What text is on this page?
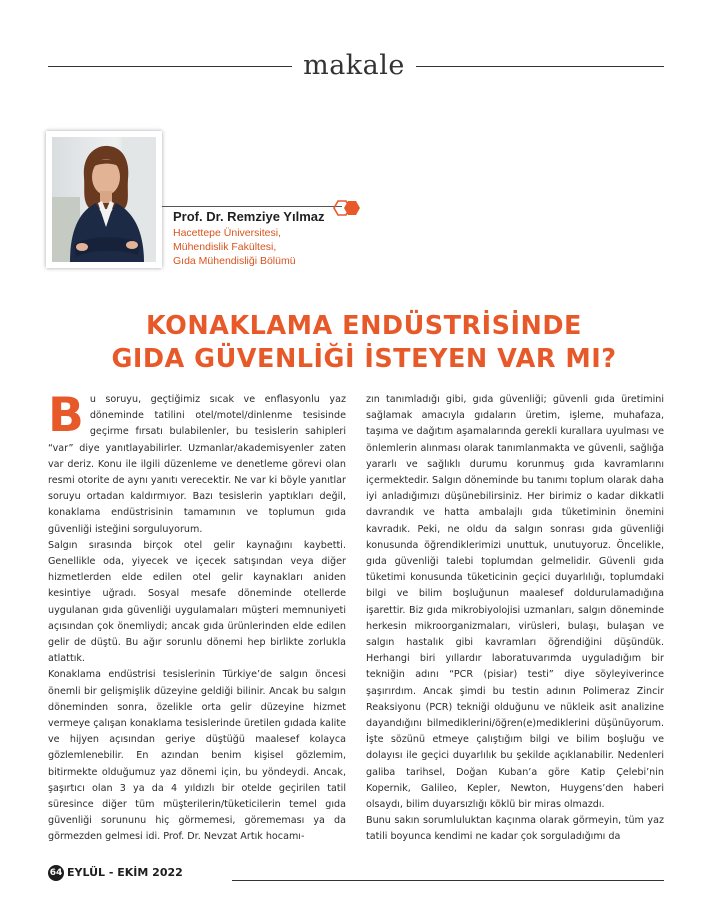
makale
Prof. Dr. Remziye Yılmaz
Hacettepe Üniversitesi,
Mühendislik Fakültesi,
Gıda Mühendisliği Bölümü
KONAKLAMA ENDÜSTRİSİNDE
GIDA GÜVENLİĞİ İSTEYEN VAR MI?

Bu soruyu, geçtiğimiz sıcak ve enflasyonlu yaz döneminde tatilini otel/motel/dinlenme tesisinde geçirme fırsatı bulabilenler, bu tesislerin sahipleri “var” diye yanıtlayabilirler. Uzmanlar/akademisyenler zaten var deriz. Konu ile ilgili düzenleme ve denetleme görevi olan resmi otorite de aynı yanıtı verecektir. Ne var ki böyle yanıtlar soruyu ortadan kaldırmıyor. Bazı tesislerin yaptıkları değil, konaklama endüstrisinin tamamının ve toplumun gıda güvenliği isteğini sorguluyorum.

Salgın sırasında birçok otel gelir kaynağını kaybetti. Genellikle oda, yiyecek ve içecek satışından veya diğer hizmetlerden elde edilen otel gelir kaynakları aniden kesintiye uğradı. Sosyal mesafe döneminde otellerde uygulanan gıda güvenliği uygulamaları müşteri memnuniyeti açısından çok önemliydi; ancak gıda ürünlerinden elde edilen gelir de düştü. Bu ağır sorunlu dönemi hep birlikte zorlukla atlattık.

Konaklama endüstrisi tesislerinin Türkiye’de salgın öncesi önemli bir gelişmişlik düzeyine geldiği bilinir. Ancak bu salgın döneminden sonra, özelikle orta gelir düzeyine hizmet vermeye çalışan konaklama tesislerinde üretilen gıdada kalite ve hijyen açısından geriye düştüğü maalesef kolayca gözlemlenebilir. En azından benim kişisel gözlemim, bitirmekte olduğumuz yaz dönemi için, bu yöndeydi. Ancak, şaşırtıcı olan 3 ya da 4 yıldızlı bir otelde geçirilen tatil süresince diğer tüm müşterilerin/tüketicilerin temel gıda güvenliği sorununu hiç görmemesi, görememası ya da görmezden gelmesi idi. Prof. Dr. Nevzat Artık hocamı-

zın tanımladığı gibi, gıda güvenliği; güvenli gıda üretimini sağlamak amacıyla gıdaların üretim, işleme, muhafaza, taşıma ve dağıtım aşamalarında gerekli kurallara uyulması ve önlemlerin alınması olarak tanımlanmakta ve güvenli, sağlığa yararlı ve sağlıklı durumu korunmuş gıda kavramlarını içermektedir. Salgın döneminde bu tanımı toplum olarak daha iyi anladığımızı düşünebilirsiniz. Her birimiz o kadar dikkatli davrandık ve hatta ambalajlı gıda tüketiminin önemini kavradık. Peki, ne oldu da salgın sonrası gıda güvenliği konusunda öğrendiklerimizi unuttuk, unutuyoruz. Öncelikle, gıda güvenliği talebi toplumdan gelmelidir. Güvenli gıda tüketimi konusunda tüketicinin geçici duyarlılığı, toplumdaki bilgi ve bilim boşluğunun maalesef doldurulamadığına işarettir. Biz gıda mikrobiyolojisi uzmanları, salgın döneminde herkesin mikroorganizmaları, virüsleri, bulaşı, bulaşan ve salgın hastalık gibi kavramları öğrendiğini düşündük. Herhangi biri yıllardır laboratuvarımda uyguladığım bir tekniğin adını “PCR (pisiar) testi” diye söyleyiverince şaşırırdım. Ancak şimdi bu testin adının Polimeraz Zincir Reaksiyonu (PCR) tekniği olduğunu ve nükleik asit analizine dayandığını bilmediklerini/öğren(e)mediklerini düşünüyorum. İşte sözünü etmeye çalıştığım bilgi ve bilim boşluğu ve dolayısı ile geçici duyarlılık bu şekilde açıklanabilir. Nedenleri galiba tarihsel, Doğan Kuban’a göre Katip Çelebi’nin Kopernik, Galileo, Kepler, Newton, Huygens’den haberi olsaydı, bilim duyarsızlığı köklü bir miras olmazdı.

Bunu sakın sorumluluktan kaçınma olarak görmeyin, tüm yaz tatili boyunca kendimi ne kadar çok sorguladığımı da

64 EYLÜL - EKİM 2022
